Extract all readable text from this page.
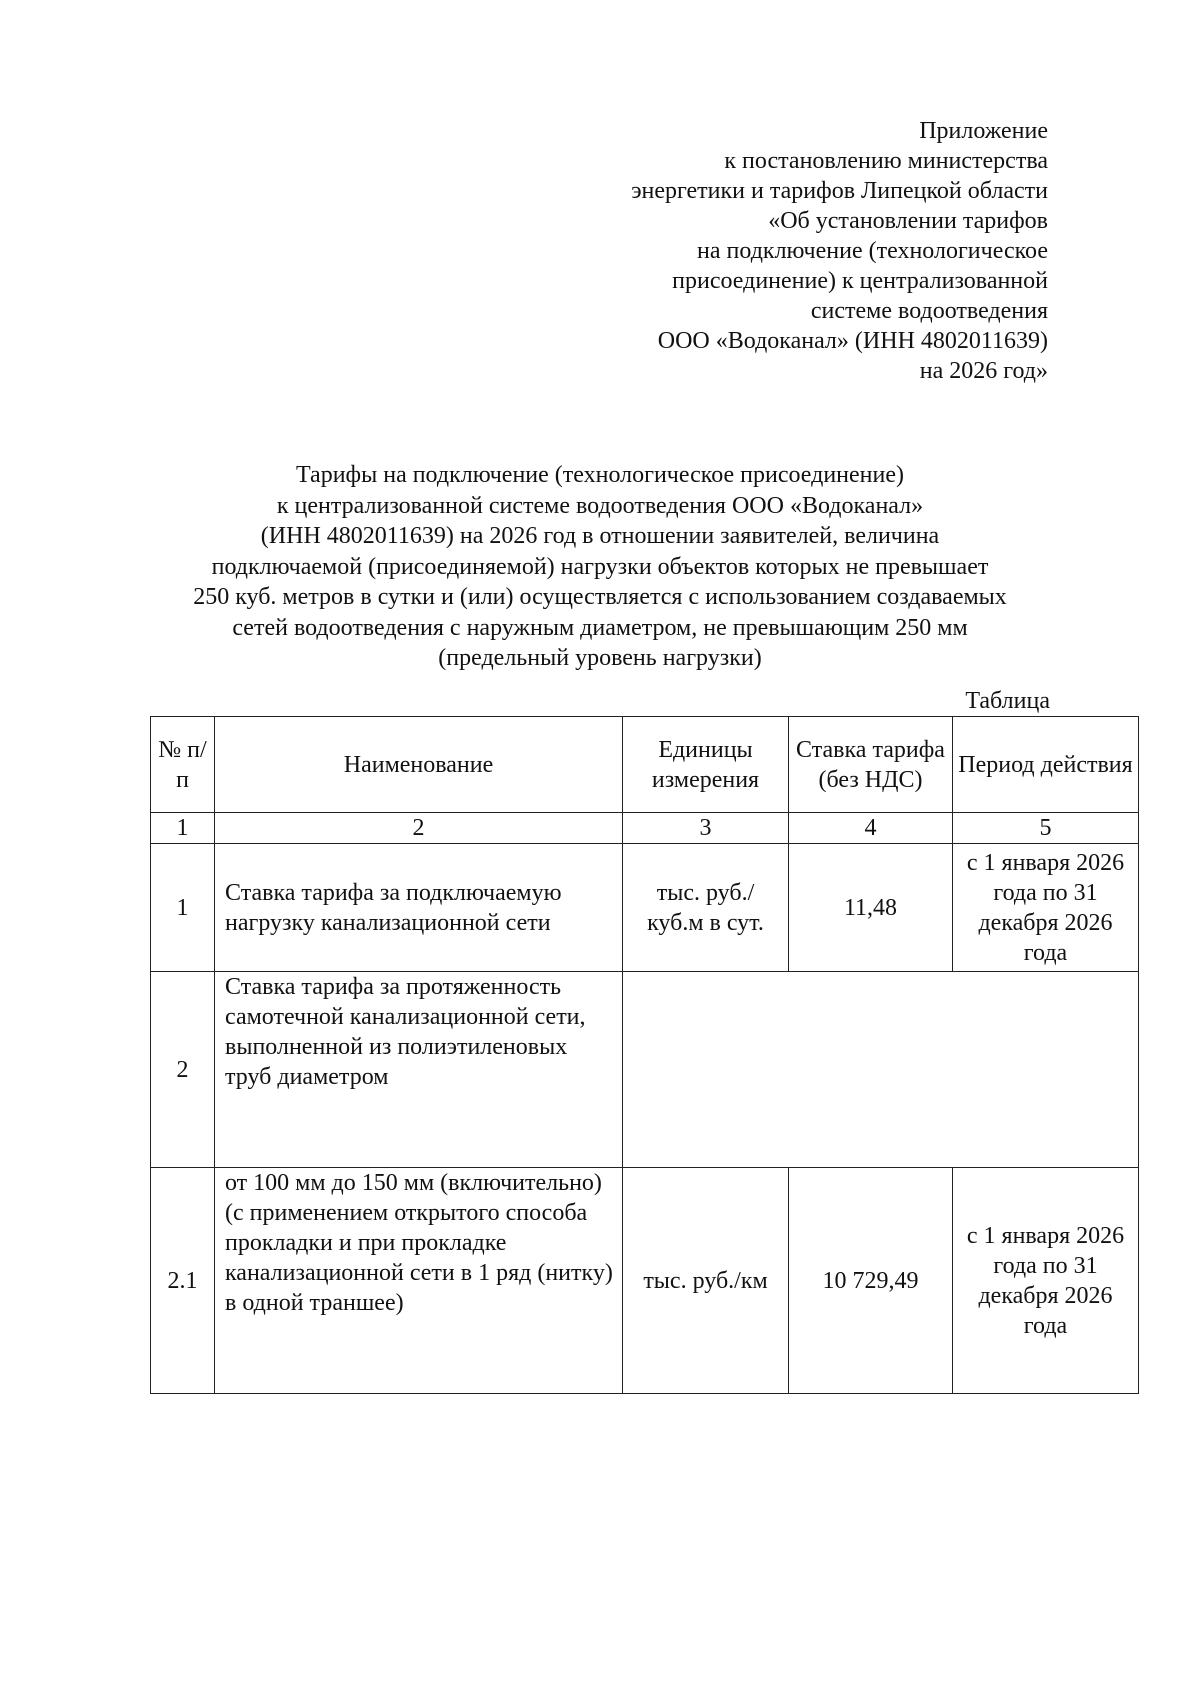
Приложение
к постановлению министерства
энергетики и тарифов Липецкой области
«Об установлении тарифов
на подключение (технологическое
присоединение) к централизованной
системе водоотведения
ООО «Водоканал» (ИНН 4802011639)
на 2026 год»
Тарифы на подключение (технологическое присоединение)
к централизованной системе водоотведения ООО «Водоканал»
(ИНН 4802011639) на 2026 год в отношении заявителей, величина
подключаемой (присоединяемой) нагрузки объектов которых не превышает
250 куб. метров в сутки и (или) осуществляется с использованием создаваемых
сетей водоотведения с наружным диаметром, не превышающим 250 мм
(предельный уровень нагрузки)
Таблица
№ п/п	Наименование	Единицы измерения	Ставка тарифа (без НДС)	Период действия
1	2	3	4	5
1	Ставка тарифа за подключаемую нагрузку канализационной сети	тыс. руб./ куб.м в сут.	11,48	с 1 января 2026 года по 31 декабря 2026 года
2	Ставка тарифа за протяженность самотечной канализационной сети, выполненной из полиэтиленовых труб диаметром			
2.1	от 100 мм до 150 мм (включительно) (с применением открытого способа прокладки и при прокладке канализационной сети в 1 ряд (нитку) в одной траншее)	тыс. руб./км	10 729,49	с 1 января 2026 года по 31 декабря 2026 года
